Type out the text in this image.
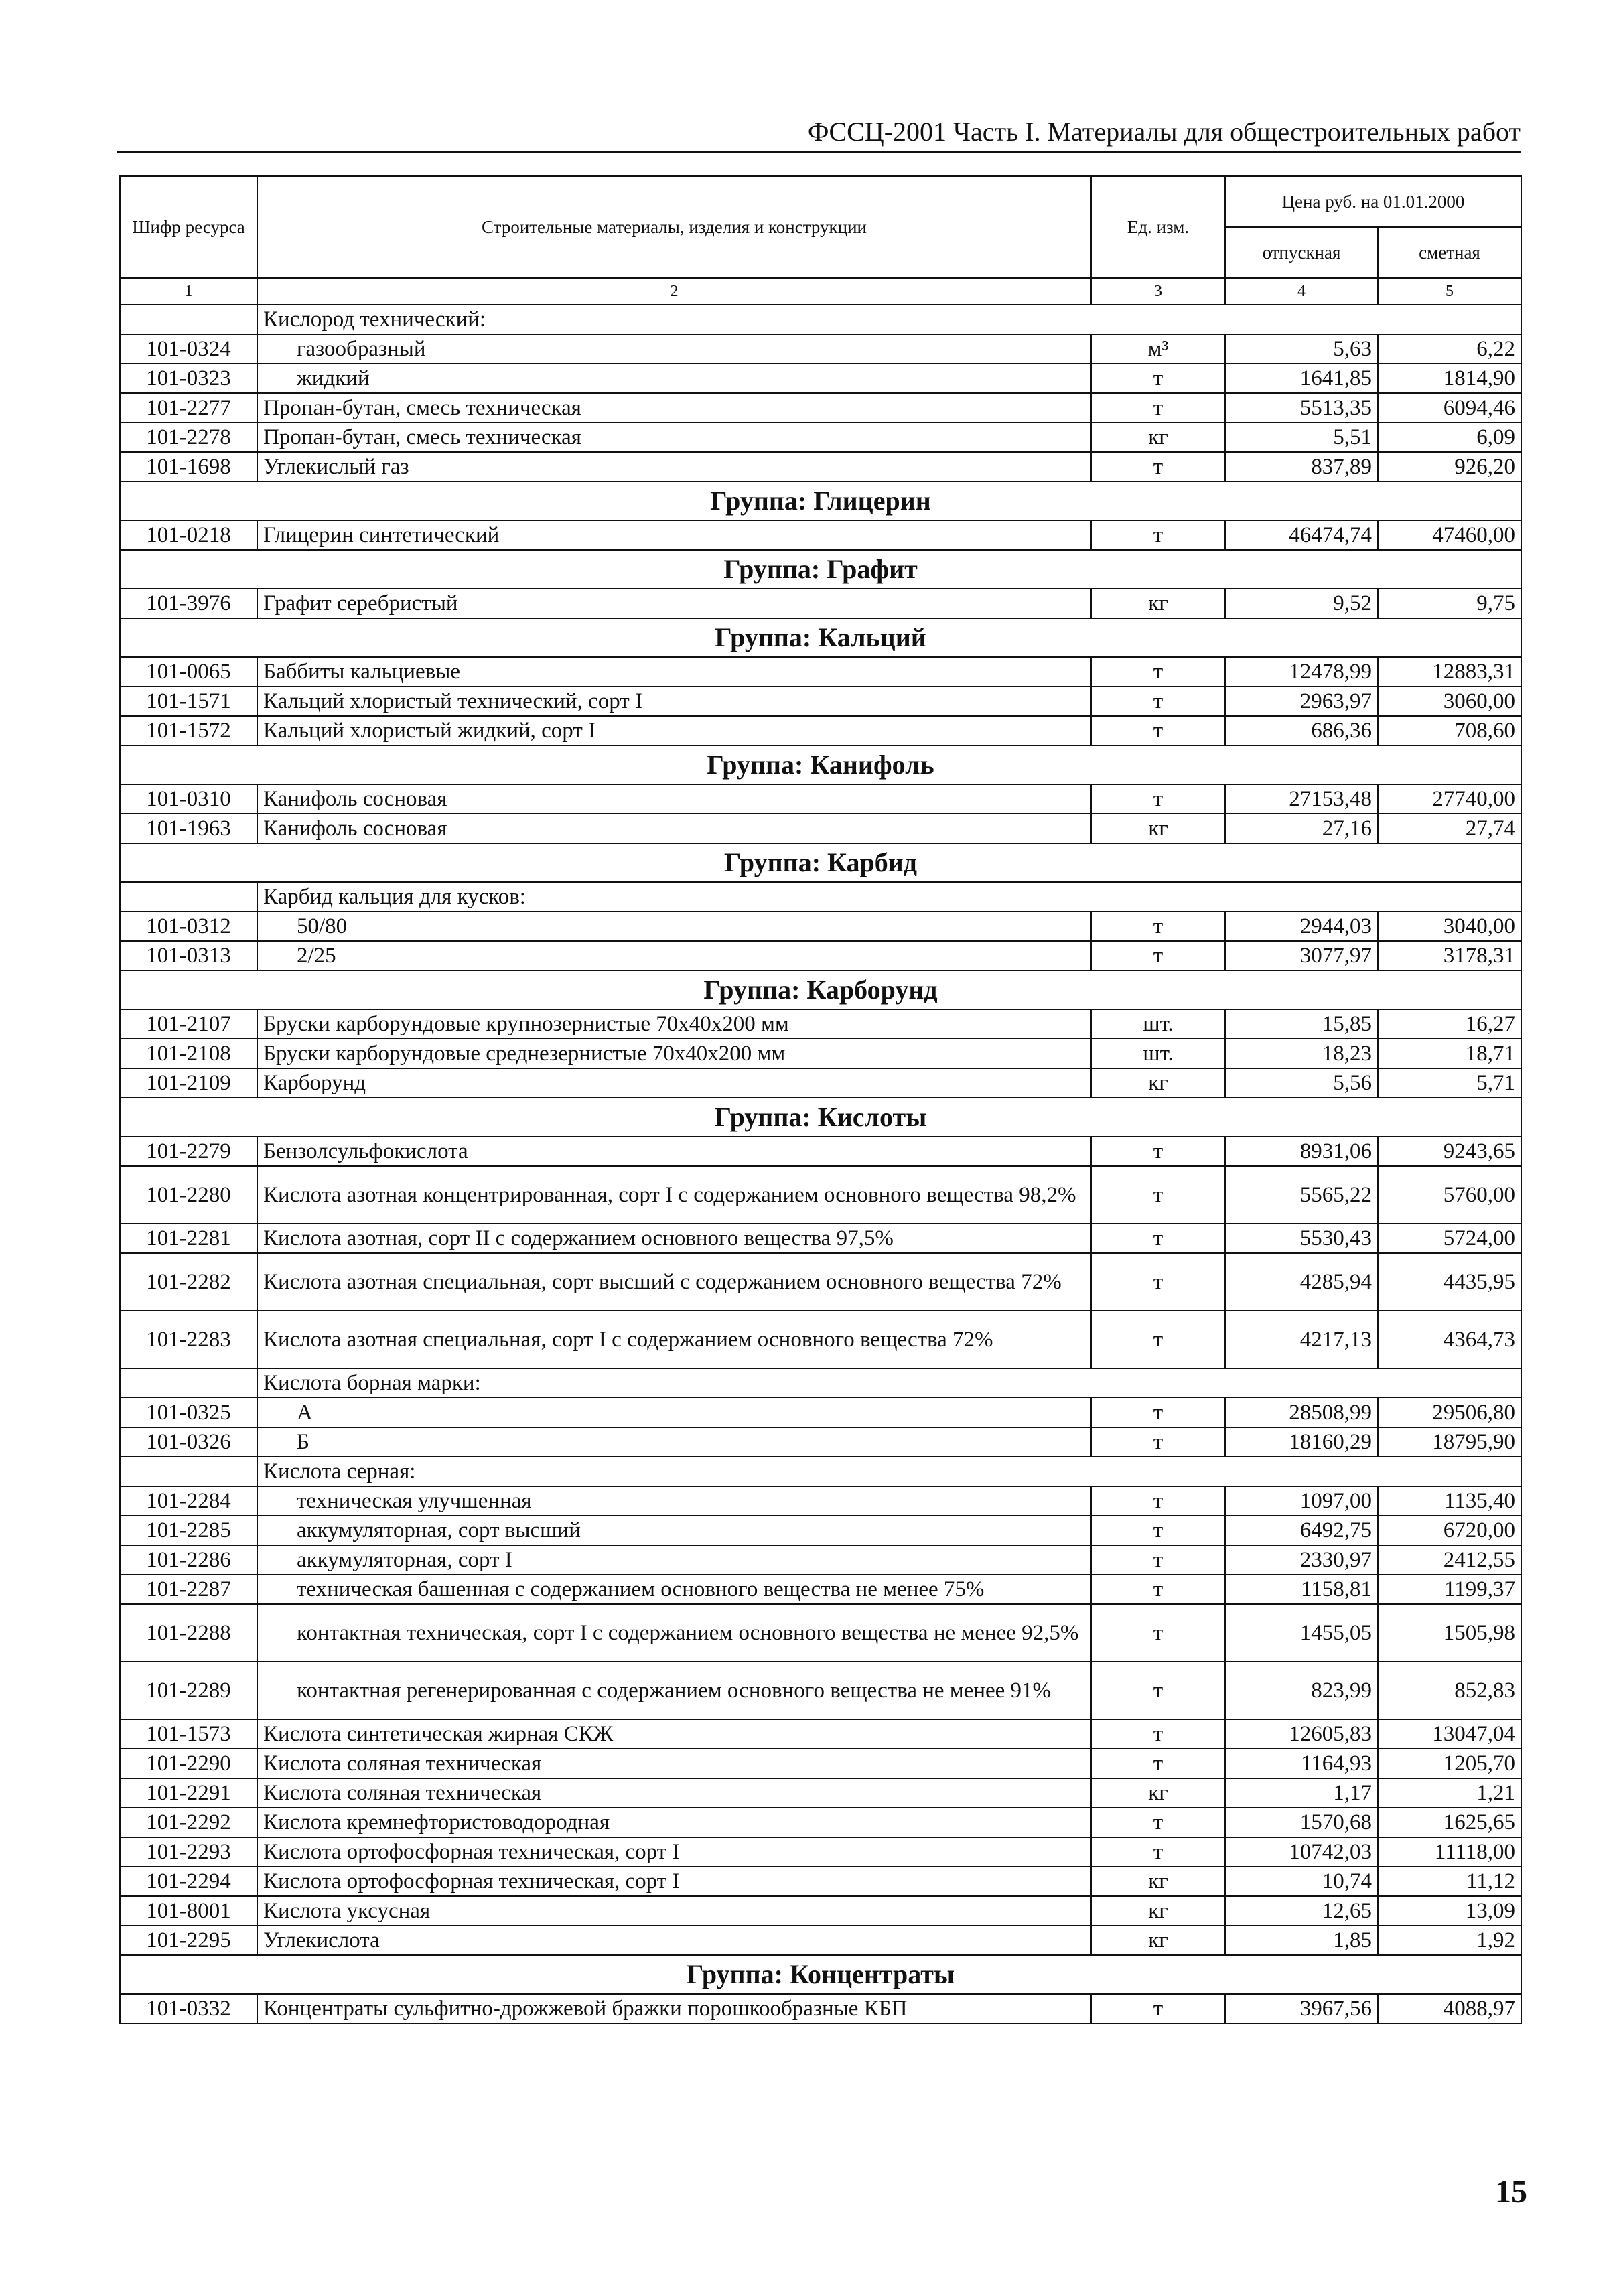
ФССЦ-2001 Часть I. Материалы для общестроительных работ
Шифр ресурса	Строительные материалы, изделия и конструкции	Ед. изм.	Цена руб. на 01.01.2000	
			отпускная	сметная
1	2	3	4	5
	Кислород технический:			
101-0324	газообразный	м³	5,63	6,22
101-0323	жидкий	т	1641,85	1814,90
101-2277	Пропан-бутан, смесь техническая	т	5513,35	6094,46
101-2278	Пропан-бутан, смесь техническая	кг	5,51	6,09
101-1698	Углекислый газ	т	837,89	926,20
Группа: Глицерин				
101-0218	Глицерин синтетический	т	46474,74	47460,00
Группа: Графит				
101-3976	Графит серебристый	кг	9,52	9,75
Группа: Кальций				
101-0065	Баббиты кальциевые	т	12478,99	12883,31
101-1571	Кальций хлористый технический, сорт I	т	2963,97	3060,00
101-1572	Кальций хлористый жидкий, сорт I	т	686,36	708,60
Группа: Канифоль				
101-0310	Канифоль сосновая	т	27153,48	27740,00
101-1963	Канифоль сосновая	кг	27,16	27,74
Группа: Карбид				
	Карбид кальция для кусков:			
101-0312	50/80	т	2944,03	3040,00
101-0313	2/25	т	3077,97	3178,31
Группа: Карборунд				
101-2107	Бруски карборундовые крупнозернистые 70х40х200 мм	шт.	15,85	16,27
101-2108	Бруски карборундовые среднезернистые 70х40х200 мм	шт.	18,23	18,71
101-2109	Карборунд	кг	5,56	5,71
Группа: Кислоты				
101-2279	Бензолсульфокислота	т	8931,06	9243,65
101-2280	Кислота азотная концентрированная, сорт I с содержанием основного вещества 98,2%	т	5565,22	5760,00
101-2281	Кислота азотная, сорт II с содержанием основного вещества 97,5%	т	5530,43	5724,00
101-2282	Кислота азотная специальная, сорт высший с содержанием основного вещества 72%	т	4285,94	4435,95
101-2283	Кислота азотная специальная, сорт I с содержанием основного вещества 72%	т	4217,13	4364,73
	Кислота борная марки:			
101-0325	А	т	28508,99	29506,80
101-0326	Б	т	18160,29	18795,90
	Кислота серная:			
101-2284	техническая улучшенная	т	1097,00	1135,40
101-2285	аккумуляторная, сорт высший	т	6492,75	6720,00
101-2286	аккумуляторная, сорт I	т	2330,97	2412,55
101-2287	техническая башенная с содержанием основного вещества не менее 75%	т	1158,81	1199,37
101-2288	контактная техническая, сорт I с содержанием основного вещества не менее 92,5%	т	1455,05	1505,98
101-2289	контактная регенерированная с содержанием основного вещества не менее 91%	т	823,99	852,83
101-1573	Кислота синтетическая жирная СКЖ	т	12605,83	13047,04
101-2290	Кислота соляная техническая	т	1164,93	1205,70
101-2291	Кислота соляная техническая	кг	1,17	1,21
101-2292	Кислота кремнефтористоводородная	т	1570,68	1625,65
101-2293	Кислота ортофосфорная техническая, сорт I	т	10742,03	11118,00
101-2294	Кислота ортофосфорная техническая, сорт I	кг	10,74	11,12
101-8001	Кислота уксусная	кг	12,65	13,09
101-2295	Углекислота	кг	1,85	1,92
Группа: Концентраты				
101-0332	Концентраты сульфитно-дрожжевой бражки порошкообразные КБП	т	3967,56	4088,97
15
